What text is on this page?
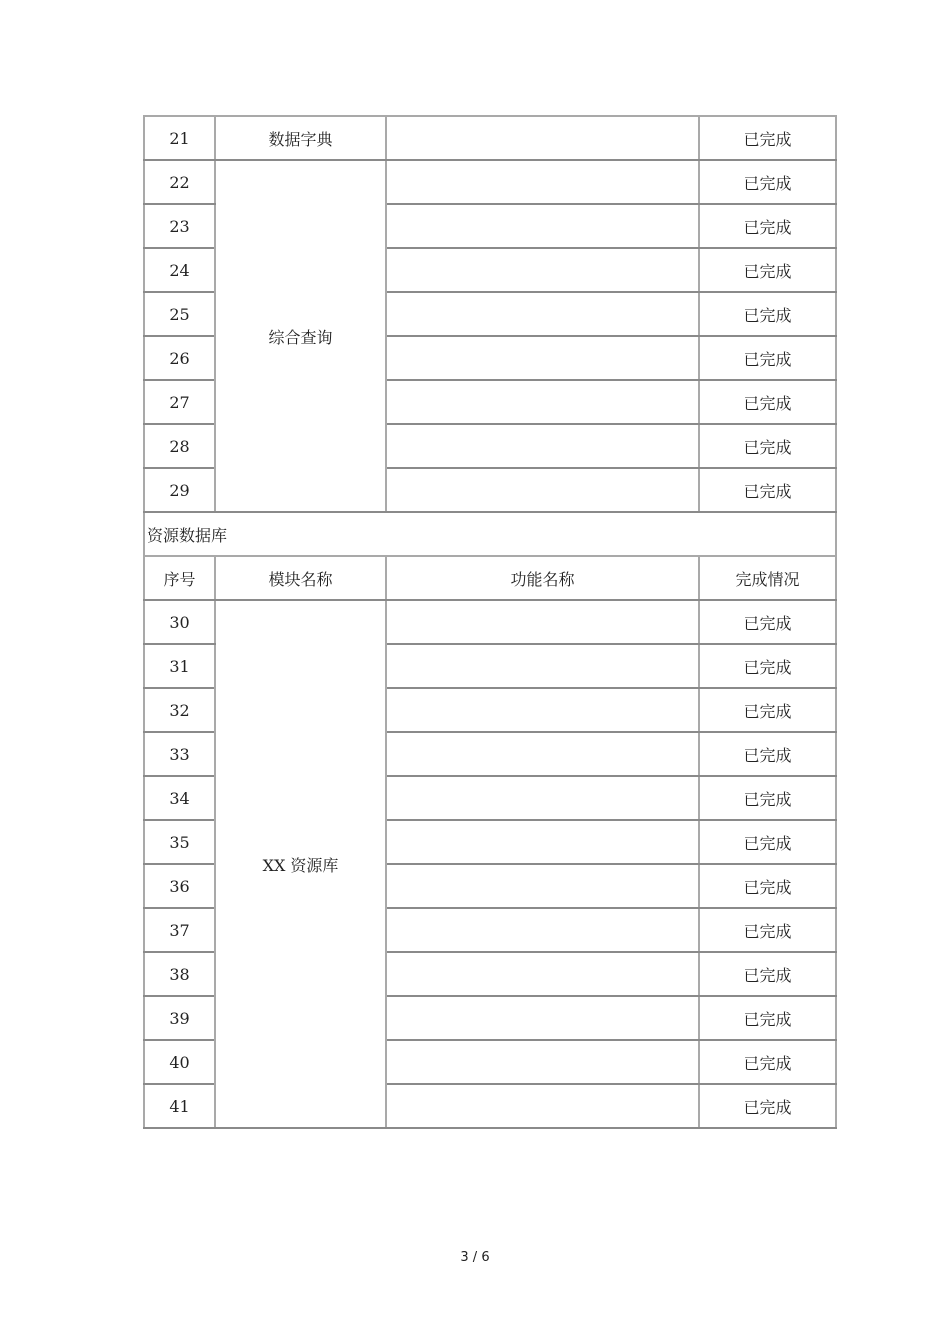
21	数据字典		已完成
22	综合查询		已完成
23			已完成
24			已完成
25			已完成
26			已完成
27			已完成
28			已完成
29			已完成
资源数据库			
序号	模块名称	功能名称	完成情况
30	XX 资源库		已完成
31			已完成
32			已完成
33			已完成
34			已完成
35			已完成
36			已完成
37			已完成
38			已完成
39			已完成
40			已完成
41			已完成
3 / 6
